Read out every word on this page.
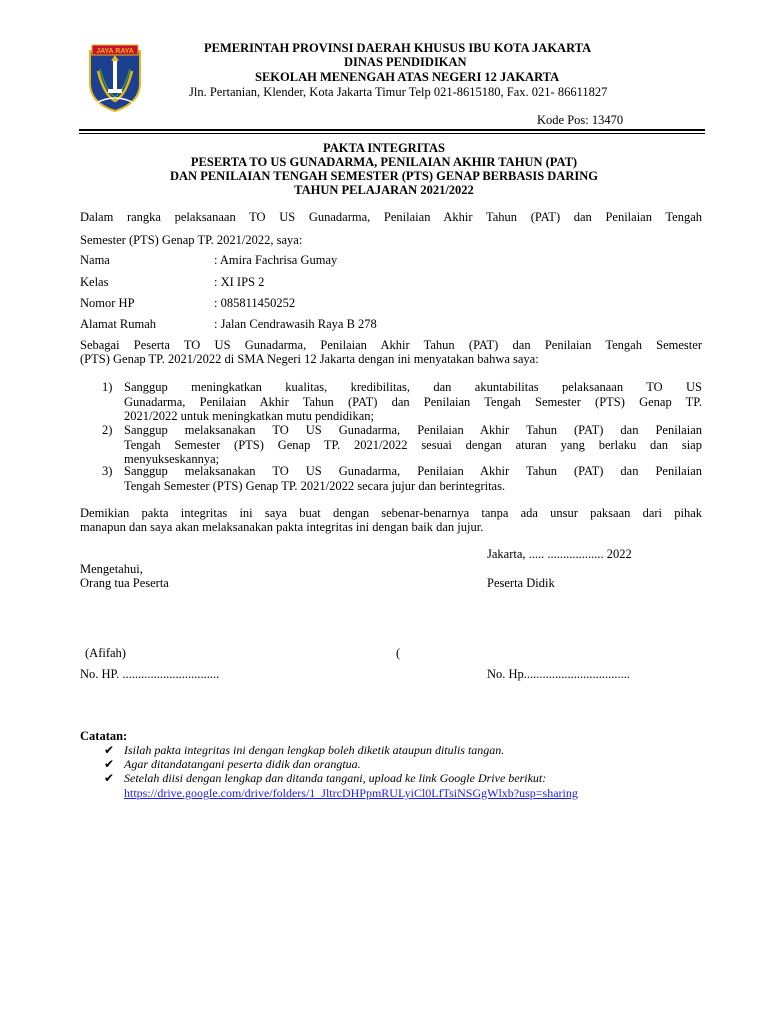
JAYA RAYA	PEMERINTAH PROVINSI DAERAH KHUSUS IBU KOTA JAKARTA
DINAS PENDIDIKAN
SEKOLAH MENENGAH ATAS NEGERI 12 JAKARTA
Jln. Pertanian, Klender, Kota Jakarta Timur Telp 021-8615180, Fax. 021- 86611827
Kode Pos: 13470
PAKTA INTEGRITAS
PESERTA TO US GUNADARMA, PENILAIAN AKHIR TAHUN (PAT)
DAN PENILAIAN TENGAH SEMESTER (PTS) GENAP BERBASIS DARING
TAHUN PELAJARAN 2021/2022
Dalam rangka pelaksanaan TO US Gunadarma, Penilaian Akhir Tahun (PAT) dan Penilaian Tengah
Semester (PTS) Genap TP. 2021/2022, saya:
Nama	: Amira Fachrisa Gumay
Kelas	: XI IPS 2
Nomor HP	: 085811450252
Alamat Rumah	: Jalan Cendrawasih Raya B 278
Sebagai Peserta TO US Gunadarma, Penilaian Akhir Tahun (PAT) dan Penilaian Tengah Semester
(PTS) Genap TP. 2021/2022 di SMA Negeri 12 Jakarta dengan ini menyatakan bahwa saya:
1) Sanggup meningkatkan kualitas, kredibilitas, dan akuntabilitas pelaksanaan TO US
Gunadarma, Penilaian Akhir Tahun (PAT) dan Penilaian Tengah Semester (PTS) Genap TP.
2021/2022 untuk meningkatkan mutu pendidikan;
2) Sanggup melaksanakan TO US Gunadarma, Penilaian Akhir Tahun (PAT) dan Penilaian
Tengah Semester (PTS) Genap TP. 2021/2022 sesuai dengan aturan yang berlaku dan siap
menyukseskannya;
3) Sanggup melaksanakan TO US Gunadarma, Penilaian Akhir Tahun (PAT) dan Penilaian
Tengah Semester (PTS) Genap TP. 2021/2022 secara jujur dan berintegritas.
Demikian pakta integritas ini saya buat dengan sebenar-benarnya tanpa ada unsur paksaan dari pihak
manapun dan saya akan melaksanakan pakta integritas ini dengan baik dan jujur.
Jakarta, ..... .................. 2022
Mengetahui,
Orang tua Peserta	Peserta Didik
(Afifah)	(
No. HP. ...............................	No. Hp..................................
Catatan:
✔ Isilah pakta integritas ini dengan lengkap boleh diketik ataupun ditulis tangan.
✔ Agar ditandatangani peserta didik dan orangtua.
✔ Setelah diisi dengan lengkap dan ditanda tangani, upload ke link Google Drive berikut:
https://drive.google.com/drive/folders/1_JltrcDHPpmRULyiCl0LfTsiNSGgWlxb?usp=sharing
